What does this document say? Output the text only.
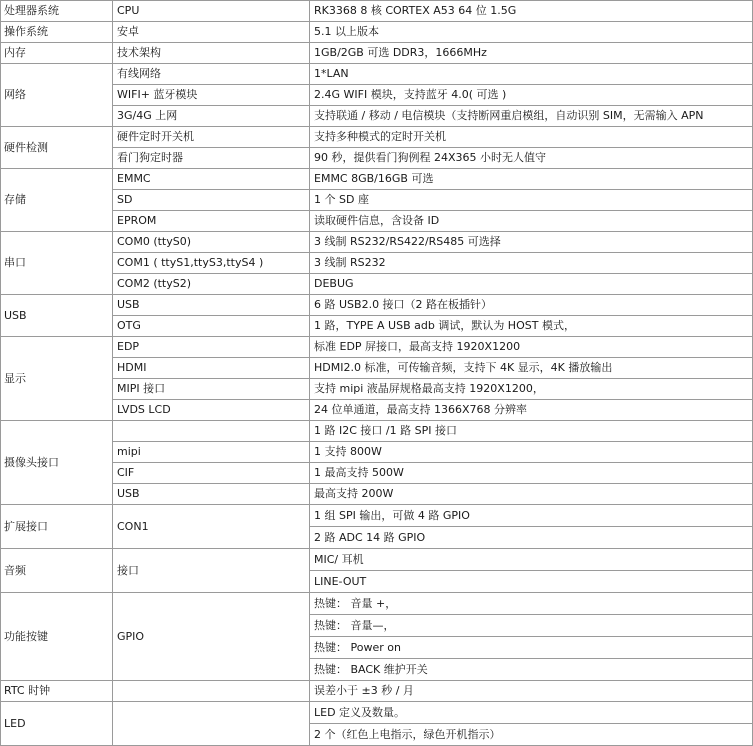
处理器系统	CPU	RK3368 8 核 CORTEX A53 64 位 1.5G
操作系统	安卓	5.1 以上版本
内存	技术架构	1GB/2GB 可选 DDR3，1666MHz
网络	有线网络	1*LAN
	WIFI+ 蓝牙模块	2.4G WIFI 模块，支持蓝牙 4.0( 可选 )
	3G/4G 上网	支持联通 / 移动 / 电信模块（支持断网重启模组，自动识别 SIM，无需输入 APN
硬件检测	硬件定时开关机	支持多种模式的定时开关机
	看门狗定时器	90 秒，提供看门狗例程 24X365 小时无人值守
存储	EMMC	EMMC 8GB/16GB 可选
	SD	1 个 SD 座
	EPROM	读取硬件信息，含设备 ID
串口	COM0 (ttyS0)	3 线制 RS232/RS422/RS485 可选择
	COM1 ( ttyS1,ttyS3,ttyS4 )	3 线制 RS232
	COM2 (ttyS2)	DEBUG
USB	USB	6 路 USB2.0 接口（2 路在板插针）
	OTG	1 路，TYPE A USB adb 调试，默认为 HOST 模式，
显示	EDP	标准 EDP 屏接口，最高支持 1920X1200
	HDMI	HDMI2.0 标准，可传输音频，支持下 4K 显示，4K 播放输出
	MIPI 接口	支持 mipi 液晶屏规格最高支持 1920X1200，
	LVDS LCD	24 位单通道，最高支持 1366X768 分辨率
摄像头接口		1 路 I2C 接口 /1 路 SPI 接口
	mipi	1 支持 800W
	CIF	1 最高支持 500W
	USB	最高支持 200W
扩展接口	CON1	1 组 SPI 输出，可做 4 路 GPIO
		2 路 ADC 14 路 GPIO
音频	接口	MIC/ 耳机
		LINE-OUT
功能按键	GPIO	热键： 音量 +，
		热键： 音量—，
		热键： Power on
		热键： BACK 维护开关
RTC 时钟		误差小于 ±3 秒 / 月
LED		LED 定义及数量。
		2 个（红色上电指示，绿色开机指示）
